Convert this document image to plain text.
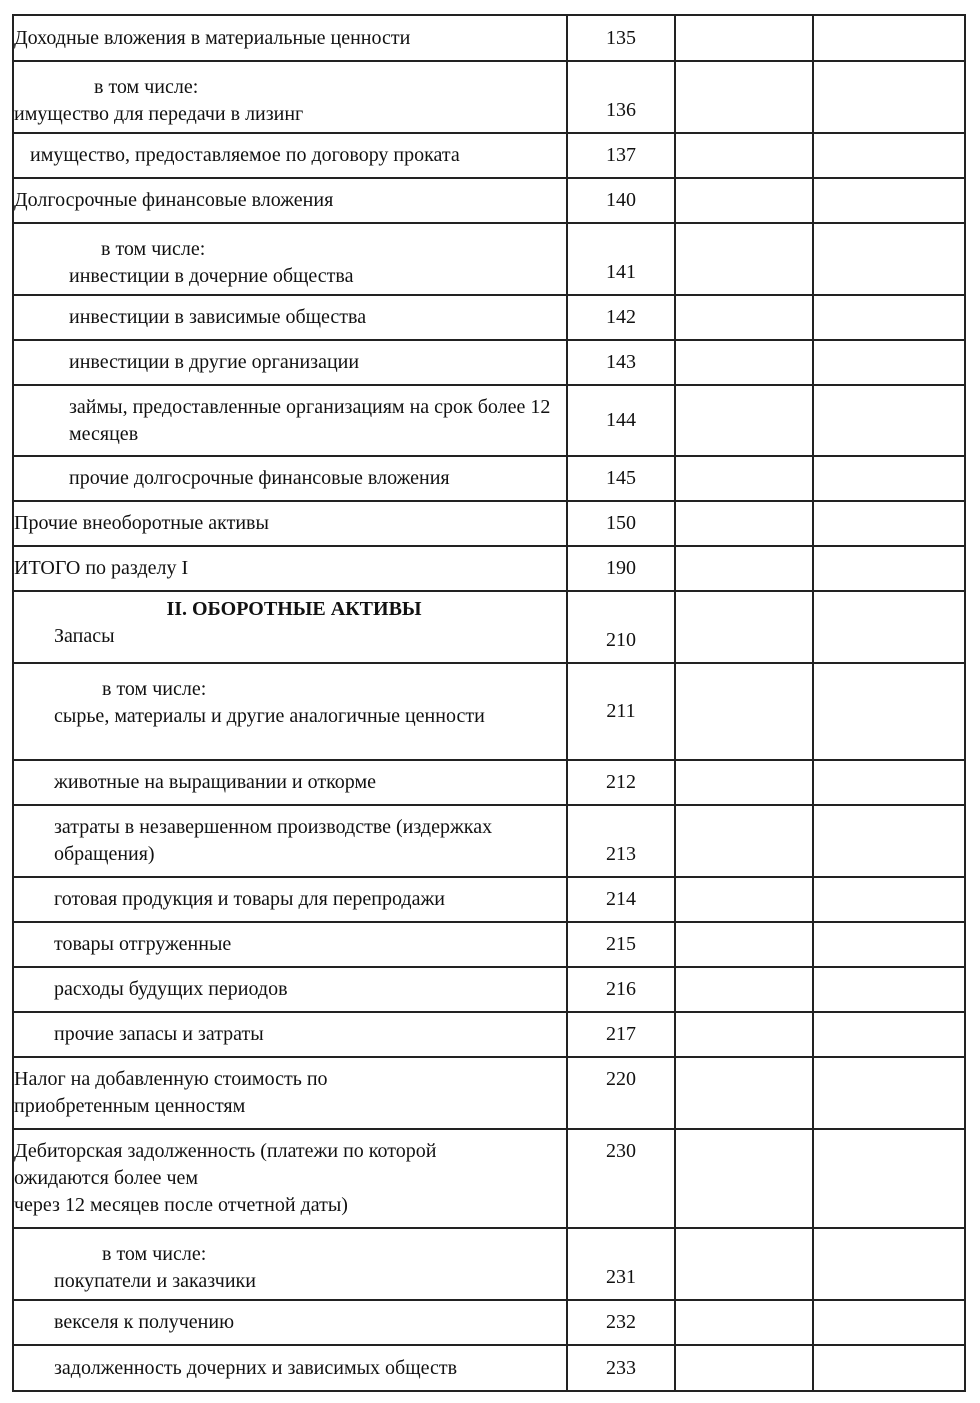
Доходные вложения в материальные ценности	135		

в том числе:
имущество для передачи в лизинг	136		
имущество, предоставляемое по договору проката	137		
Долгосрочные финансовые вложения	140		

в том числе:
инвестиции в дочерние общества	141		
инвестиции в зависимые общества	142		
инвестиции в другие организации	143		
займы, предоставленные организациям на срок более 12 месяцев	144		
прочие долгосрочные финансовые вложения	145		
Прочие внеоборотные активы	150		
ИТОГО по разделу I	190		

II. ОБОРОТНЫЕ АКТИВЫ
Запасы	210		

в том числе:
сырье, материалы и другие аналогичные ценности	211		
животные на выращивании и откорме	212		

затраты в незавершенном производстве (издержках обращения)	213		
готовая продукция и товары для перепродажи	214		
товары отгруженные	215		
расходы будущих периодов	216		
прочие запасы и затраты	217		

Налог на добавленную стоимость по приобретенным ценностям	220		

Дебиторская задолженность (платежи по которой ожидаются более чем
через 12 месяцев после отчетной даты)	230		

в том числе:
покупатели и заказчики	231		
векселя к получению	232		
задолженность дочерних и зависимых обществ	233		
